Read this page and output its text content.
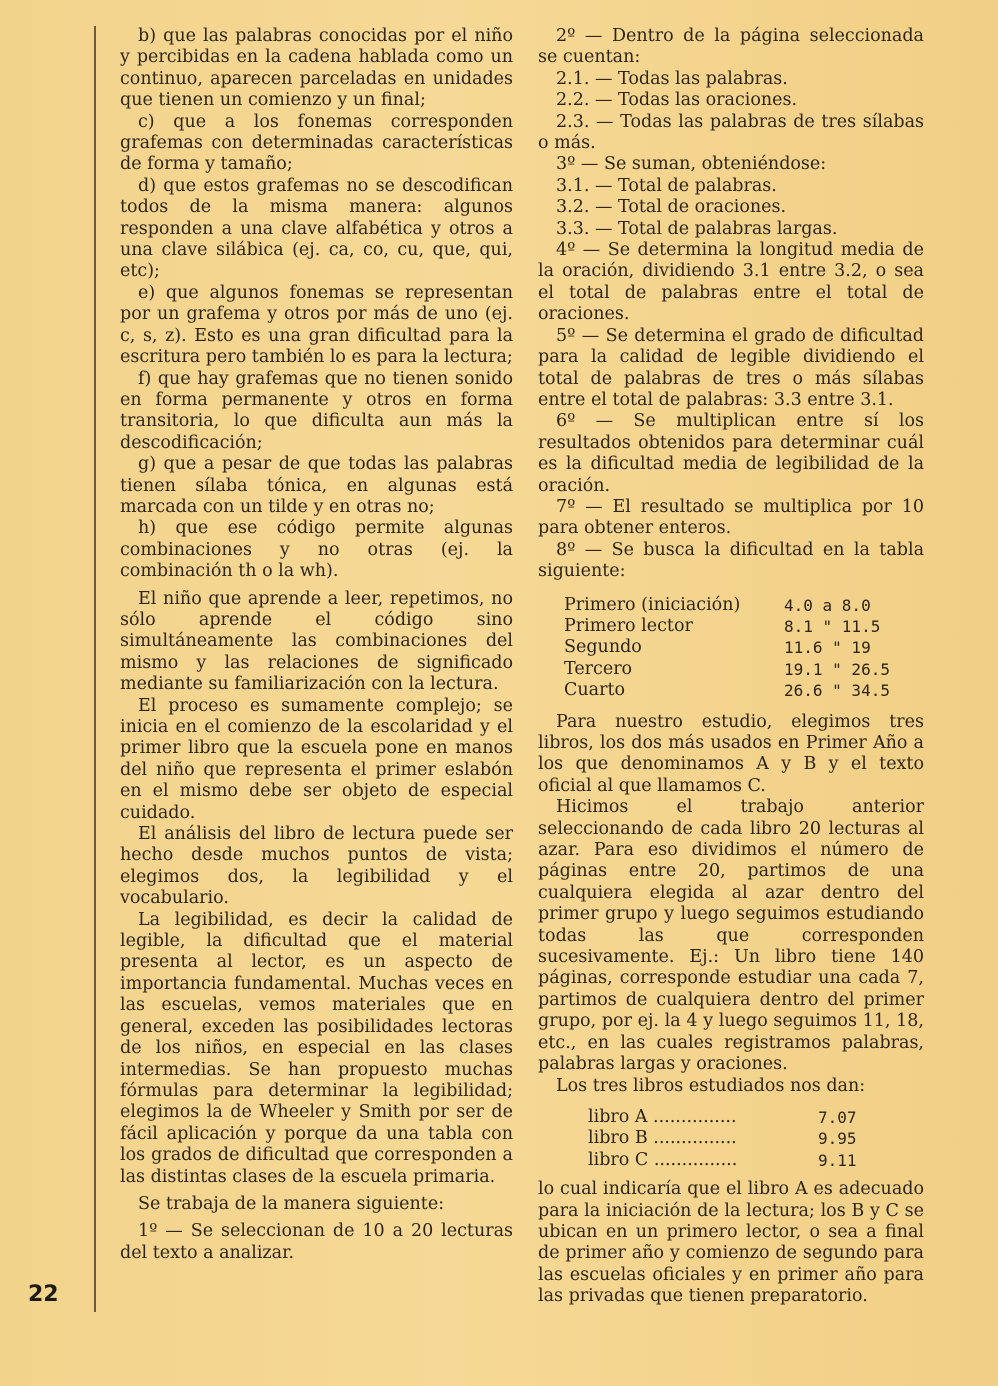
22

b) que las palabras conocidas por el niño y percibidas en la cadena hablada como un continuo, aparecen parceladas en unidades que tienen un comienzo y un final;

c) que a los fonemas corresponden grafemas con determinadas características de forma y tamaño;

d) que estos grafemas no se descodifican todos de la misma manera: algunos responden a una clave alfabética y otros a una clave silábica (ej. ca, co, cu, que, qui, etc);

e) que algunos fonemas se representan por un grafema y otros por más de uno (ej. c, s, z). Esto es una gran dificultad para la escritura pero también lo es para la lectura;

f) que hay grafemas que no tienen sonido en forma permanente y otros en forma transitoria, lo que dificulta aun más la descodificación;

g) que a pesar de que todas las palabras tienen sílaba tónica, en algunas está marcada con un tilde y en otras no;

h) que ese código permite algunas combinaciones y no otras (ej. la combinación th o la wh).

El niño que aprende a leer, repetimos, no sólo aprende el código sino simultáneamente las combinaciones del mismo y las relaciones de significado mediante su familiarización con la lectura.

El proceso es sumamente complejo; se inicia en el comienzo de la escolaridad y el primer libro que la escuela pone en manos del niño que representa el primer eslabón en el mismo debe ser objeto de especial cuidado.

El análisis del libro de lectura puede ser hecho desde muchos puntos de vista; elegimos dos, la legibilidad y el vocabulario.

La legibilidad, es decir la calidad de legible, la dificultad que el material presenta al lector, es un aspecto de importancia fundamental. Muchas veces en las escuelas, vemos materiales que en general, exceden las posibilidades lectoras de los niños, en especial en las clases intermedias. Se han propuesto muchas fórmulas para determinar la legibilidad; elegimos la de Wheeler y Smith por ser de fácil aplicación y porque da una tabla con los grados de dificultad que corresponden a las distintas clases de la escuela primaria.

Se trabaja de la manera siguiente:

1º — Se seleccionan de 10 a 20 lecturas del texto a analizar.

2º — Dentro de la página seleccionada se cuentan:

2.1. — Todas las palabras.

2.2. — Todas las oraciones.

2.3. — Todas las palabras de tres sílabas o más.

3º — Se suman, obteniéndose:

3.1. — Total de palabras.

3.2. — Total de oraciones.

3.3. — Total de palabras largas.

4º — Se determina la longitud media de la oración, dividiendo 3.1 entre 3.2, o sea el total de palabras entre el total de oraciones.

5º — Se determina el grado de dificultad para la calidad de legible dividiendo el total de palabras de tres o más sílabas entre el total de palabras: 3.3 entre 3.1.

6º — Se multiplican entre sí los resultados obtenidos para determinar cuál es la dificultad media de legibilidad de la oración.

7º — El resultado se multiplica por 10 para obtener enteros.

8º — Se busca la dificultad en la tabla siguiente:

Primero (iniciación)	4.0 a 8.0
Primero lector	8.1 " 11.5
Segundo	11.6 " 19
Tercero	19.1 " 26.5
Cuarto	26.6 " 34.5

Para nuestro estudio, elegimos tres libros, los dos más usados en Primer Año a los que denominamos A y B y el texto oficial al que llamamos C.

Hicimos el trabajo anterior seleccionando de cada libro 20 lecturas al azar. Para eso dividimos el número de páginas entre 20, partimos de una cualquiera elegida al azar dentro del primer grupo y luego seguimos estudiando todas las que corresponden sucesivamente. Ej.: Un libro tiene 140 páginas, corresponde estudiar una cada 7, partimos de cualquiera dentro del primer grupo, por ej. la 4 y luego seguimos 11, 18, etc., en las cuales registramos palabras, palabras largas y oraciones.

Los tres libros estudiados nos dan:

libro A ...............	7.07
libro B ...............	9.95
libro C ...............	9.11

lo cual indicaría que el libro A es adecuado para la iniciación de la lectura; los B y C se ubican en un primero lector, o sea a final de primer año y comienzo de segundo para las escuelas oficiales y en primer año para las privadas que tienen preparatorio.
